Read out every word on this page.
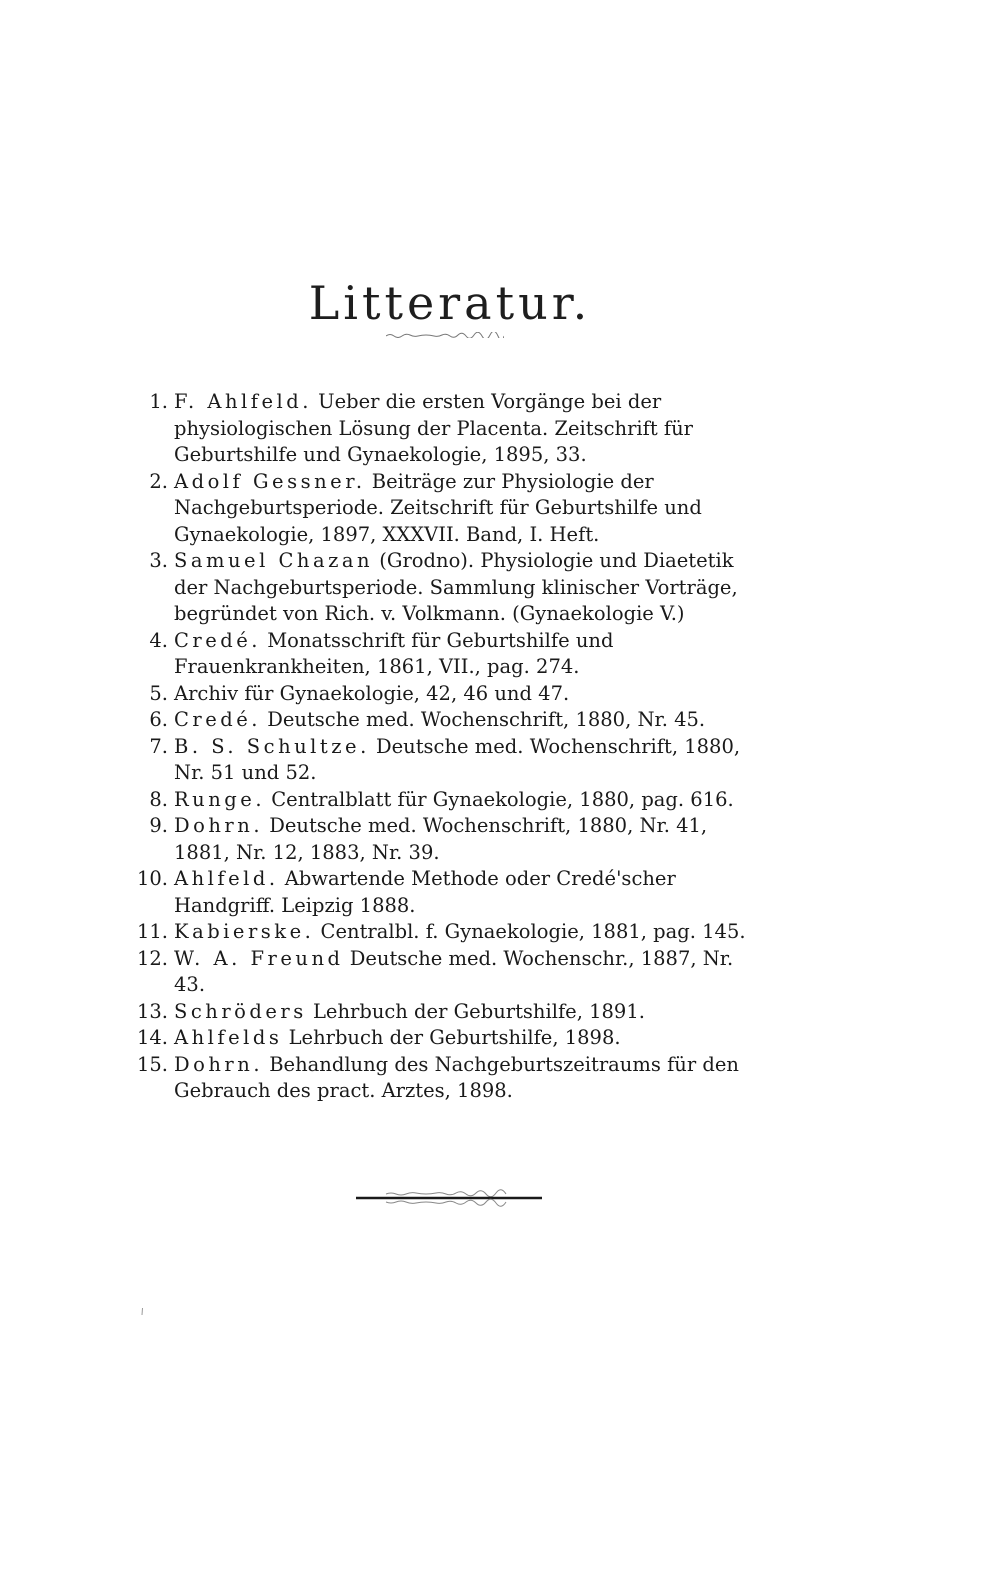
Litteratur.
1. F. Ahlfeld. Ueber die ersten Vorgänge bei der physiologischen Lösung der Placenta. Zeitschrift für Geburtshilfe und Gynaekologie, 1895, 33.
2. Adolf Gessner. Beiträge zur Physiologie der Nachgeburtsperiode. Zeitschrift für Geburtshilfe und Gynaekologie, 1897, XXXVII. Band, I. Heft.
3. Samuel Chazan (Grodno). Physiologie und Diaetetik der Nachgeburtsperiode. Sammlung klinischer Vorträge, begründet von Rich. v. Volkmann. (Gynaekologie V.)
4. Credé. Monatsschrift für Geburtshilfe und Frauenkrankheiten, 1861, VII., pag. 274.
5. Archiv für Gynaekologie, 42, 46 und 47.
6. Credé. Deutsche med. Wochenschrift, 1880, Nr. 45.
7. B. S. Schultze. Deutsche med. Wochenschrift, 1880, Nr. 51 und 52.
8. Runge. Centralblatt für Gynaekologie, 1880, pag. 616.
9. Dohrn. Deutsche med. Wochenschrift, 1880, Nr. 41, 1881, Nr. 12, 1883, Nr. 39.
10. Ahlfeld. Abwartende Methode oder Credé'scher Handgriff. Leipzig 1888.
11. Kabierske. Centralbl. f. Gynaekologie, 1881, pag. 145.
12. W. A. Freund Deutsche med. Wochenschr., 1887, Nr. 43.
13. Schröders Lehrbuch der Geburtshilfe, 1891.
14. Ahlfelds Lehrbuch der Geburtshilfe, 1898.
15. Dohrn. Behandlung des Nachgeburtszeitraums für den Gebrauch des pract. Arztes, 1898.
